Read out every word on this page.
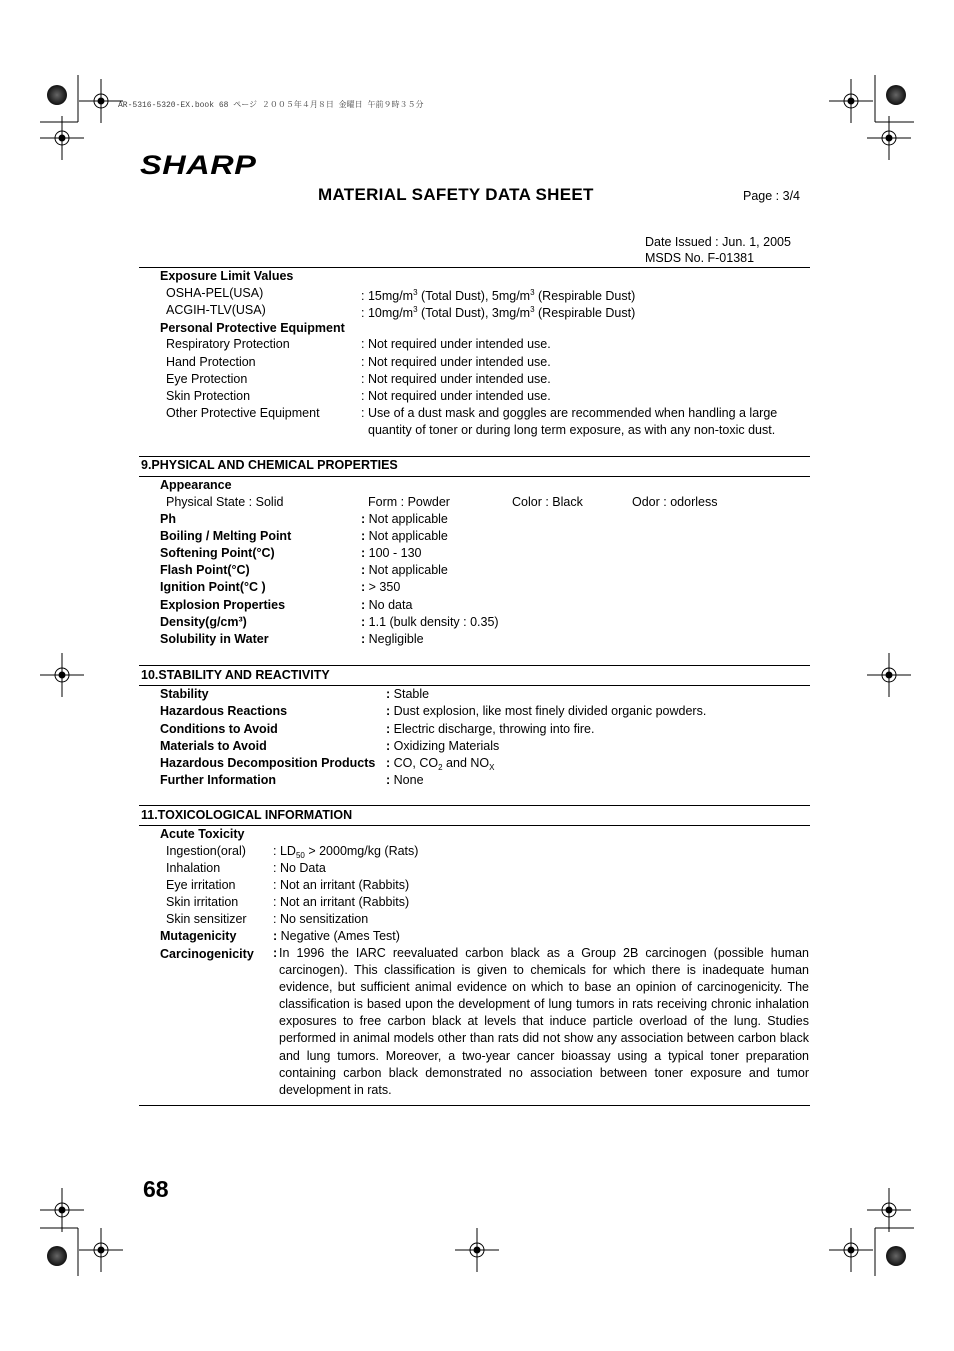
AR-5316-5320-EX.book 68 ページ ２００５年４月８日 金曜日 午前９時３５分
SHARP
MATERIAL SAFETY DATA SHEET	Page : 3/4
Date Issued : Jun. 1, 2005
MSDS No. F-01381
Exposure Limit Values
OSHA-PEL(USA)	: $15mg/m^3$ (Total Dust), $5mg/m^3$ (Respirable Dust)
ACGIH-TLV(USA)	: $10mg/m^3$ (Total Dust), $3mg/m^3$ (Respirable Dust)
Personal Protective Equipment
Respiratory Protection	: Not required under intended use.
Hand Protection	: Not required under intended use.
Eye Protection	: Not required under intended use.
Skin Protection	: Not required under intended use.
Other Protective Equipment	: Use of a dust mask and goggles are recommended when handling a large
quantity of toner or during long term exposure, as with any non-toxic dust.
9.PHYSICAL AND CHEMICAL PROPERTIES
Appearance
Physical State : Solid	Form : Powder	Color : Black	Odor : odorless
Ph	: Not applicable
Boiling / Melting Point	: Not applicable
Softening Point(°C)	: 100 - 130
Flash Point(°C)	: Not applicable
Ignition Point(°C )	: > 350
Explosion Properties	: No data
Density(g/cm³)	: 1.1 (bulk density : 0.35)
Solubility in Water	: Negligible
10.STABILITY AND REACTIVITY
Stability	: Stable
Hazardous Reactions	: Dust explosion, like most finely divided organic powders.
Conditions to Avoid	: Electric discharge, throwing into fire.
Materials to Avoid	: Oxidizing Materials
Hazardous Decomposition Products : CO, $CO_2$ and $NO_X$
Further Information	: None
11.TOXICOLOGICAL INFORMATION
Acute Toxicity
Ingestion(oral) : $LD_{50} > 2000mg/kg$ (Rats)
Inhalation	: No Data
Eye irritation	: Not an irritant (Rabbits)
Skin irritation	: Not an irritant (Rabbits)
Skin sensitizer : No sensitization
Mutagenicity	: Negative (Ames Test)
Carcinogenicity : In 1996 the IARC reevaluated carbon black as a Group 2B carcinogen (possible human carcinogen). This classification is given to chemicals for which there is inadequate human evidence, but sufficient animal evidence on which to base an opinion of carcinogenicity. The classification is based upon the development of lung tumors in rats receiving chronic inhalation exposures to free carbon black at levels that induce particle overload of the lung. Studies performed in animal models other than rats did not show any association between carbon black and lung tumors. Moreover, a two-year cancer bioassay using a typical toner preparation containing carbon black demonstrated no association between toner exposure and tumor development in rats.
68
